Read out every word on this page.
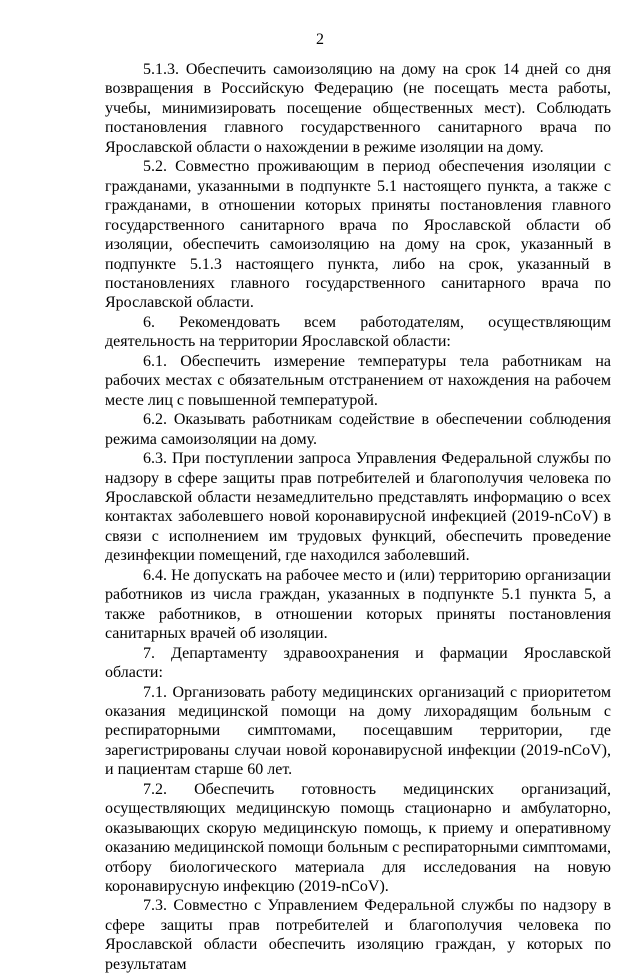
2

5.1.3. Обеспечить самоизоляцию на дому на срок 14 дней со дня возвращения в Российскую Федерацию (не посещать места работы, учебы, минимизировать посещение общественных мест). Соблюдать постановления главного государственного санитарного врача по Ярославской области о нахождении в режиме изоляции на дому.

5.2. Совместно проживающим в период обеспечения изоляции с гражданами, указанными в подпункте 5.1 настоящего пункта, а также с гражданами, в отношении которых приняты постановления главного государственного санитарного врача по Ярославской области об изоляции, обеспечить самоизоляцию на дому на срок, указанный в подпункте 5.1.3 настоящего пункта, либо на срок, указанный в постановлениях главного государственного санитарного врача по Ярославской области.

6. Рекомендовать всем работодателям, осуществляющим деятельность на территории Ярославской области:

6.1. Обеспечить измерение температуры тела работникам на рабочих местах с обязательным отстранением от нахождения на рабочем месте лиц с повышенной температурой.

6.2. Оказывать работникам содействие в обеспечении соблюдения режима самоизоляции на дому.

6.3. При поступлении запроса Управления Федеральной службы по надзору в сфере защиты прав потребителей и благополучия человека по Ярославской области незамедлительно представлять информацию о всех контактах заболевшего новой коронавирусной инфекцией (2019-nCoV) в связи с исполнением им трудовых функций, обеспечить проведение дезинфекции помещений, где находился заболевший.

6.4. Не допускать на рабочее место и (или) территорию организации работников из числа граждан, указанных в подпункте 5.1 пункта 5, а также работников, в отношении которых приняты постановления санитарных врачей об изоляции.

7. Департаменту здравоохранения и фармации Ярославской области:

7.1. Организовать работу медицинских организаций с приоритетом оказания медицинской помощи на дому лихорадящим больным с респираторными симптомами, посещавшим территории, где зарегистрированы случаи новой коронавирусной инфекции (2019-nCoV), и пациентам старше 60 лет.

7.2. Обеспечить готовность медицинских организаций, осуществляющих медицинскую помощь стационарно и амбулаторно, оказывающих скорую медицинскую помощь, к приему и оперативному оказанию медицинской помощи больным с респираторными симптомами, отбору биологического материала для исследования на новую коронавирусную инфекцию (2019-nCoV).

7.3. Совместно с Управлением Федеральной службы по надзору в сфере защиты прав потребителей и благополучия человека по Ярославской области обеспечить изоляцию граждан, у которых по результатам
